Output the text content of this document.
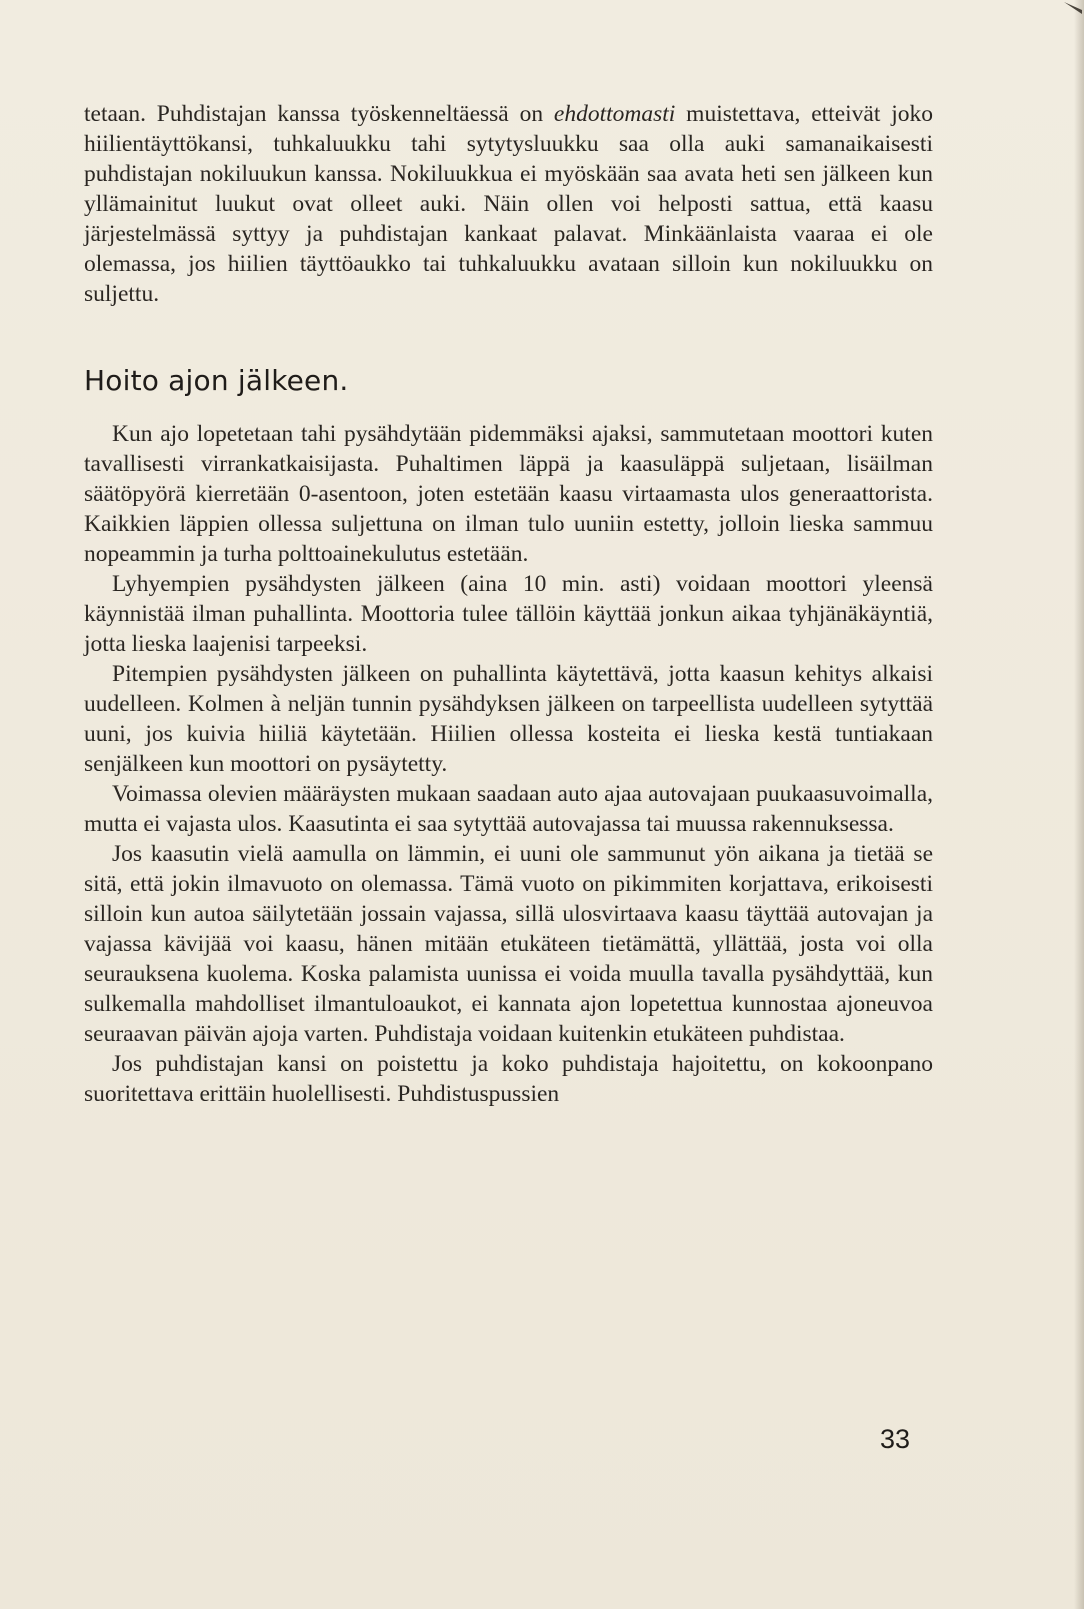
tetaan. Puhdistajan kanssa työskenneltäessä on ehdottomasti muistettava, etteivät joko hiilientäyttökansi, tuhkaluukku tahi sytytysluukku saa olla auki samanaikaisesti puhdistajan nokiluukun kanssa. Nokiluukkua ei myöskään saa avata heti sen jälkeen kun yllämainitut luukut ovat olleet auki. Näin ollen voi helposti sattua, että kaasu järjestelmässä syttyy ja puhdistajan kankaat palavat. Minkäänlaista vaaraa ei ole olemassa, jos hiilien täyttöaukko tai tuhkaluukku avataan silloin kun nokiluukku on suljettu.

Hoito ajon jälkeen.

Kun ajo lopetetaan tahi pysähdytään pidemmäksi ajaksi, sammutetaan moottori kuten tavallisesti virrankatkaisijasta. Puhaltimen läppä ja kaasuläppä suljetaan, lisäilman säätöpyörä kierretään 0-asentoon, joten estetään kaasu virtaamasta ulos generaattorista. Kaikkien läppien ollessa suljettuna on ilman tulo uuniin estetty, jolloin lieska sammuu nopeammin ja turha polttoainekulutus estetään.

Lyhyempien pysähdysten jälkeen (aina 10 min. asti) voidaan moottori yleensä käynnistää ilman puhallinta. Moottoria tulee tällöin käyttää jonkun aikaa tyhjänäkäyntiä, jotta lieska laajenisi tarpeeksi.

Pitempien pysähdysten jälkeen on puhallinta käytettävä, jotta kaasun kehitys alkaisi uudelleen. Kolmen à neljän tunnin pysähdyksen jälkeen on tarpeellista uudelleen sytyttää uuni, jos kuivia hiiliä käytetään. Hiilien ollessa kosteita ei lieska kestä tuntiakaan senjälkeen kun moottori on pysäytetty.

Voimassa olevien määräysten mukaan saadaan auto ajaa autovajaan puukaasuvoimalla, mutta ei vajasta ulos. Kaasutinta ei saa sytyttää autovajassa tai muussa rakennuksessa.

Jos kaasutin vielä aamulla on lämmin, ei uuni ole sammunut yön aikana ja tietää se sitä, että jokin ilmavuoto on olemassa. Tämä vuoto on pikimmiten korjattava, erikoisesti silloin kun autoa säilytetään jossain vajassa, sillä ulosvirtaava kaasu täyttää autovajan ja vajassa kävijää voi kaasu, hänen mitään etukäteen tietämättä, yllättää, josta voi olla seurauksena kuolema. Koska palamista uunissa ei voida muulla tavalla pysähdyttää, kun sulkemalla mahdolliset ilmantuloaukot, ei kannata ajon lopetettua kunnostaa ajoneuvoa seuraavan päivän ajoja varten. Puhdistaja voidaan kuitenkin etukäteen puhdistaa.

Jos puhdistajan kansi on poistettu ja koko puhdistaja hajoitettu, on kokoonpano suoritettava erittäin huolellisesti. Puhdistuspussien

33
